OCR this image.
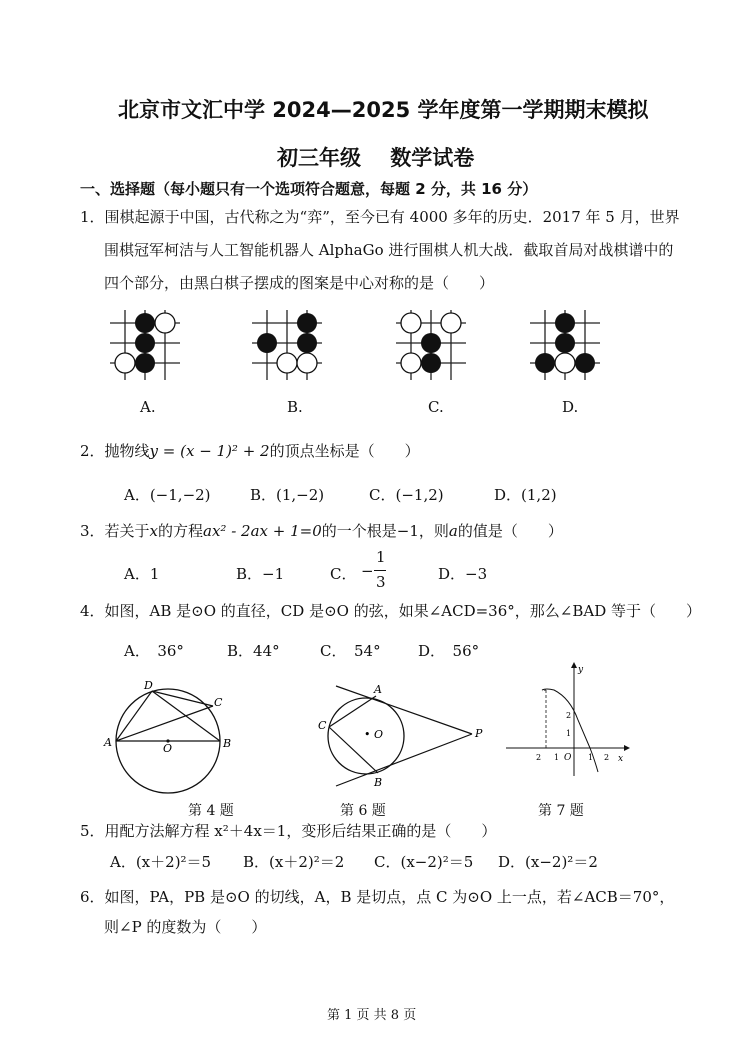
北京市文汇中学 2024—2025 学年度第一学期期末模拟
初三年级    数学试卷
一、选择题（每小题只有一个选项符合题意，每题 2 分，共 16 分）
1．围棋起源于中国，古代称之为“弈”，至今已有 4000 多年的历史．2017 年 5 月，世界
围棋冠军柯洁与人工智能机器人 AlphaGo 进行围棋人机大战．截取首局对战棋谱中的
四个部分，由黑白棋子摆成的图案是中心对称的是（　　）
A.	B.	C.	D.
2．抛物线y = (x − 1)² + 2的顶点坐标是（　　）
A．(−1,−2)	B．(1,−2)	C．(−1,2)	D．(1,2)
3．若关于x的方程ax² - 2ax + 1=0的一个根是−1，则a的值是（　　）
A．1	B．−1	C． −
1
3	D．−3
4．如图，AB 是⊙O 的直径，CD 是⊙O 的弦，如果∠ACD=36°，那么∠BAD 等于（　　）
A．　36°	B．44°	C．　54° D．　56°
D
C
A	B
O
第 4 题
A
C
• O	P
B
第 6 题
y
x
O
2 1	1 2
2
1
第 7 题
5．用配方法解方程 x²＋4x＝1，变形后结果正确的是（　　）
A．(x＋2)²＝5 B．(x＋2)²＝2 C．(x−2)²＝5 D．(x−2)²＝2
6．如图，PA，PB 是⊙O 的切线，A，B 是切点，点 C 为⊙O 上一点，若∠ACB＝70°，
则∠P 的度数为（　　）
第 1 页 共 8 页
